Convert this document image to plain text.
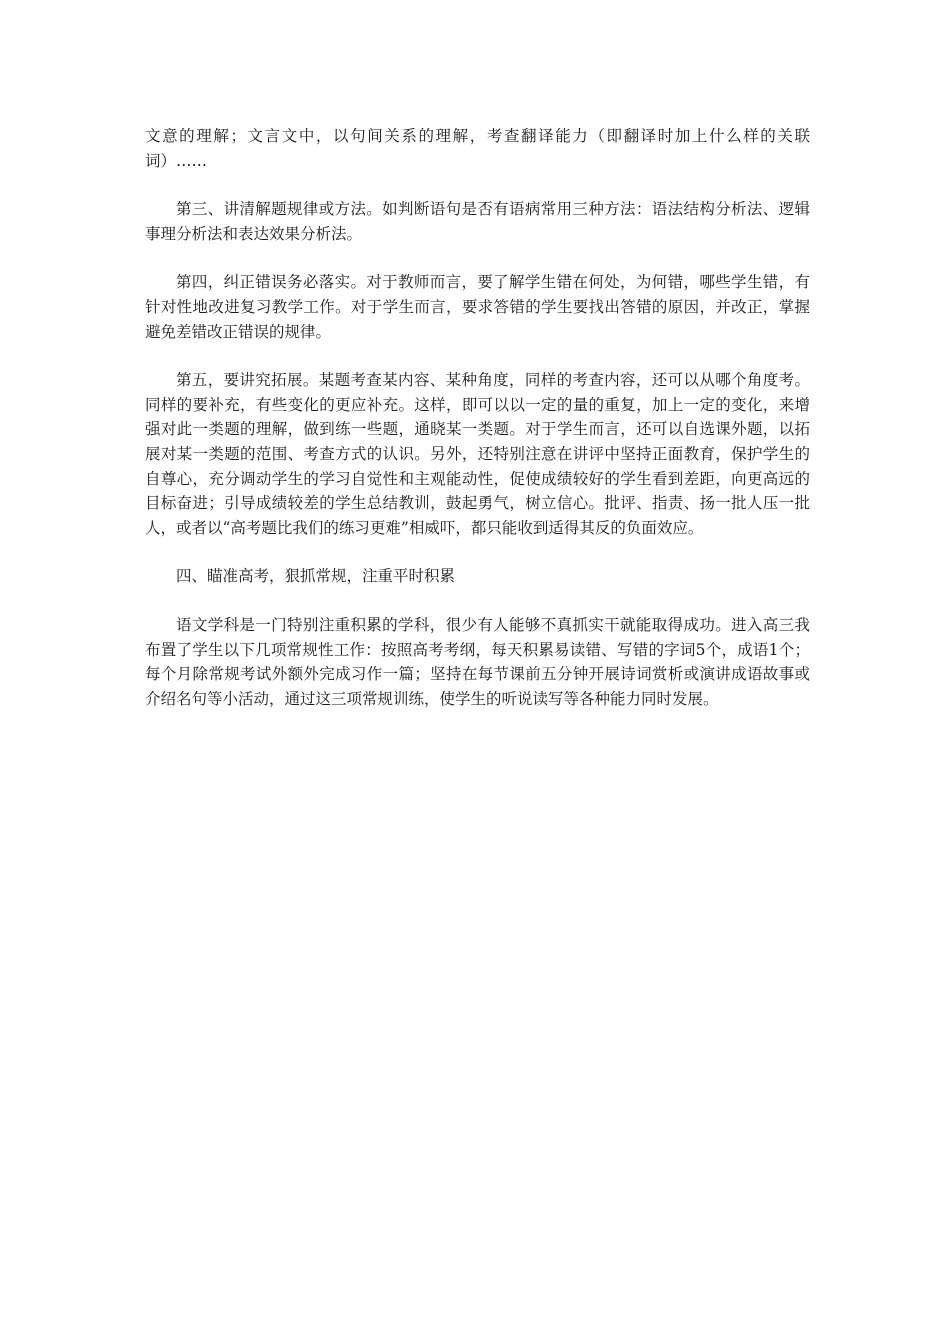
文意的理解；文言文中，以句间关系的理解，考查翻译能力（即翻译时加上什么样的关联词）……

第三、讲清解题规律或方法。如判断语句是否有语病常用三种方法：语法结构分析法、逻辑事理分析法和表达效果分析法。

第四，纠正错误务必落实。对于教师而言，要了解学生错在何处，为何错，哪些学生错，有针对性地改进复习教学工作。对于学生而言，要求答错的学生要找出答错的原因，并改正，掌握避免差错改正错误的规律。

第五，要讲究拓展。某题考查某内容、某种角度，同样的考查内容，还可以从哪个角度考。同样的要补充，有些变化的更应补充。这样，即可以以一定的量的重复，加上一定的变化，来增强对此一类题的理解，做到练一些题，通晓某一类题。对于学生而言，还可以自选课外题，以拓展对某一类题的范围、考查方式的认识。另外，还特别注意在讲评中坚持正面教育，保护学生的自尊心，充分调动学生的学习自觉性和主观能动性，促使成绩较好的学生看到差距，向更高远的目标奋进；引导成绩较差的学生总结教训，鼓起勇气，树立信心。批评、指责、扬一批人压一批人，或者以“高考题比我们的练习更难”相威吓，都只能收到适得其反的负面效应。

四、瞄准高考，狠抓常规，注重平时积累

语文学科是一门特别注重积累的学科，很少有人能够不真抓实干就能取得成功。进入高三我布置了学生以下几项常规性工作：按照高考考纲，每天积累易读错、写错的字词5个，成语1个；每个月除常规考试外额外完成习作一篇；坚持在每节课前五分钟开展诗词赏析或演讲成语故事或介绍名句等小活动，通过这三项常规训练，使学生的听说读写等各种能力同时发展。
